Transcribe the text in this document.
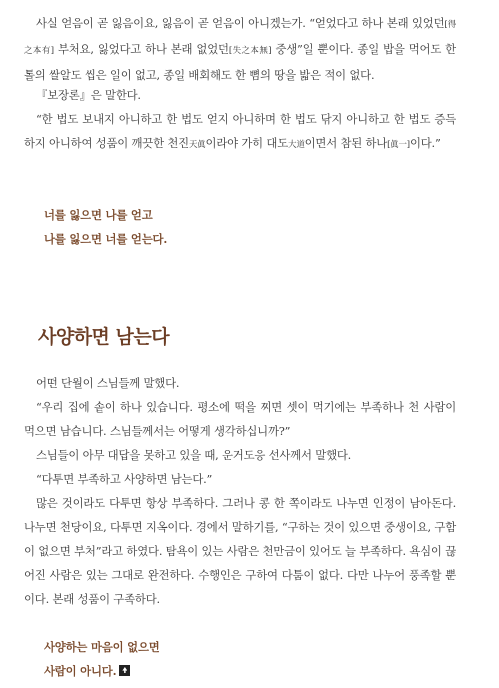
사실 얻음이 곧 잃음이요, 잃음이 곧 얻음이 아니겠는가. “얻었다고 하나 본래 있었던[得之本有] 부처요, 잃었다고 하나 본래 없었던[失之本無] 중생”일 뿐이다. 종일 밥을 먹어도 한 톨의 쌀알도 씹은 일이 없고, 종일 배회해도 한 뼘의 땅을 밟은 적이 없다.

『보장론』은 말한다.

“한 법도 보내지 아니하고 한 법도 얻지 아니하며 한 법도 닦지 아니하고 한 법도 증득하지 아니하여 성품이 깨끗한 천진天眞이라야 가히 대도大道이면서 참된 하나[眞一]이다.”

너를 잃으면 나를 얻고
나를 잃으면 너를 얻는다.
사양하면 남는다

어떤 단월이 스님들께 말했다.

“우리 집에 솥이 하나 있습니다. 평소에 떡을 찌면 셋이 먹기에는 부족하나 천 사람이 먹으면 남습니다. 스님들께서는 어떻게 생각하십니까?”

스님들이 아무 대답을 못하고 있을 때, 운거도응 선사께서 말했다.

“다투면 부족하고 사양하면 남는다.”

많은 것이라도 다투면 항상 부족하다. 그러나 콩 한 쪽이라도 나누면 인정이 남아돈다. 나누면 천당이요, 다투면 지옥이다. 경에서 말하기를, “구하는 것이 있으면 중생이요, 구함이 없으면 부처”라고 하였다. 탐욕이 있는 사람은 천만금이 있어도 늘 부족하다. 욕심이 끊어진 사람은 있는 그대로 완전하다. 수행인은 구하여 다툼이 없다. 다만 나누어 풍족할 뿐이다. 본래 성품이 구족하다.

사양하는 마음이 없으면
사람이 아니다.
